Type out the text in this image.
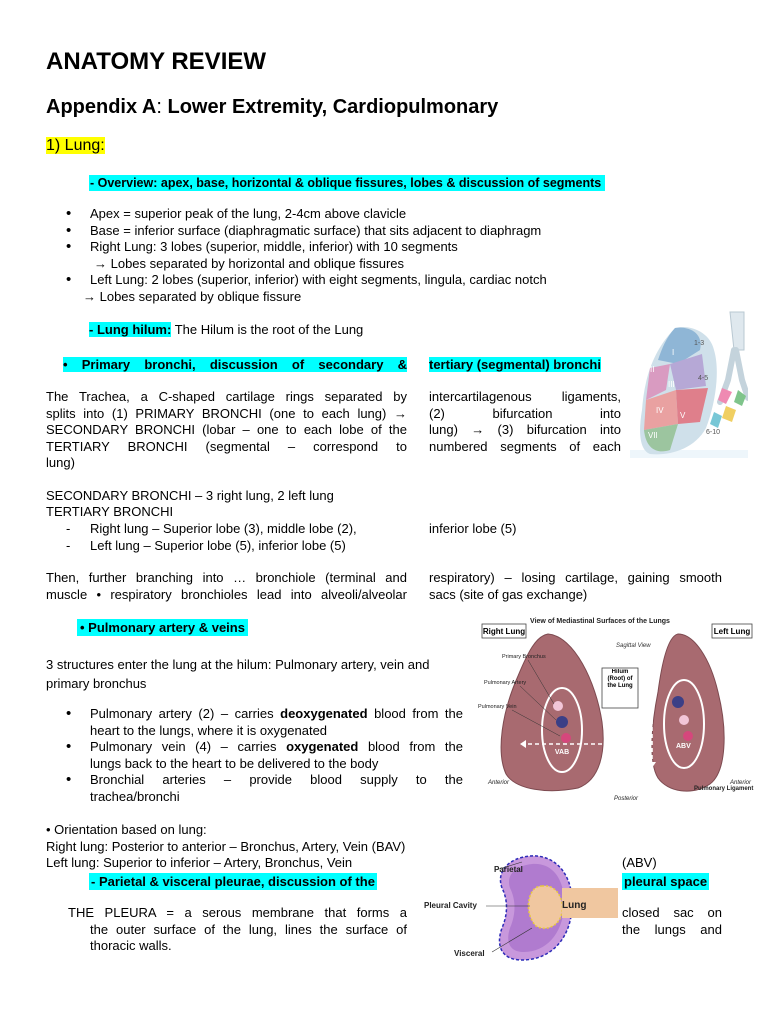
ANATOMY REVIEW
Appendix A: Lower Extremity, Cardiopulmonary
1) Lung:
- Overview: apex, base, horizontal & oblique fissures, lobes & discussion of segments
• Apex = superior peak of the lung, 2-4cm above clavicle
• Base = inferior surface (diaphragmatic surface) that sits adjacent to diaphragm
• Right Lung: 3 lobes (superior, middle, inferior) with 10 segments
→ Lobes separated by horizontal and oblique fissures
• Left Lung: 2 lobes (superior, inferior) with eight segments, lingula, cardiac notch
→ Lobes separated by oblique fissure
- Lung hilum: The Hilum is the root of the Lung
• Primary bronchi, discussion of secondary & tertiary (segmental) bronchi
The Trachea, a C-shaped cartilage rings separated by
splits into (1) PRIMARY BRONCHI (one to each lung) →
SECONDARY BRONCHI (lobar – one to each lobe of the
TERTIARY BRONCHI (segmental – correspond to
lung)
intercartilagenous ligaments,
(2) bifurcation into
lung) → (3) bifurcation into
numbered segments of each
I
II
III
IV
V
VII
1-3
4-5
6-10
SECONDARY BRONCHI – 3 right lung, 2 left lung
TERTIARY BRONCHI
- Right lung – Superior lobe (3), middle lobe (2),
- Left lung – Superior lobe (5), inferior lobe (5)
inferior lobe (5)
Then, further branching into … bronchiole (terminal and
muscle • respiratory bronchioles lead into alveoli/alveolar
respiratory) – losing cartilage, gaining smooth
sacs (site of gas exchange)
• Pulmonary artery & veins
3 structures enter the lung at the hilum: Pulmonary artery, vein and
primary bronchus
• Pulmonary artery (2) – carries deoxygenated blood from the
heart to the lungs, where it is oxygenated
• Pulmonary vein (4) – carries oxygenated blood from the
lungs back to the heart to be delivered to the body
• Bronchial arteries – provide blood supply to the
trachea/bronchi
View of Mediastinal Surfaces of the Lungs
Right Lung	Left Lung
Sagittal View
VAB
ABV
Primary Bronchus
Pulmonary Artery
Pulmonary Vein
Hilum (Root) of the Lung
Anterior	Anterior
Posterior
Pulmonary Ligament
• Orientation based on lung:
Right lung: Posterior to anterior – Bronchus, Artery, Vein (BAV)
Left lung: Superior to inferior – Artery, Bronchus, Vein	(ABV)
- Parietal & visceral pleurae, discussion of the	pleural space
THE PLEURA = a serous membrane that forms a
the outer surface of the lung, lines the surface of
thoracic walls.
closed sac on
the lungs and
Parietal
Pleural Cavity	Lung
Visceral
